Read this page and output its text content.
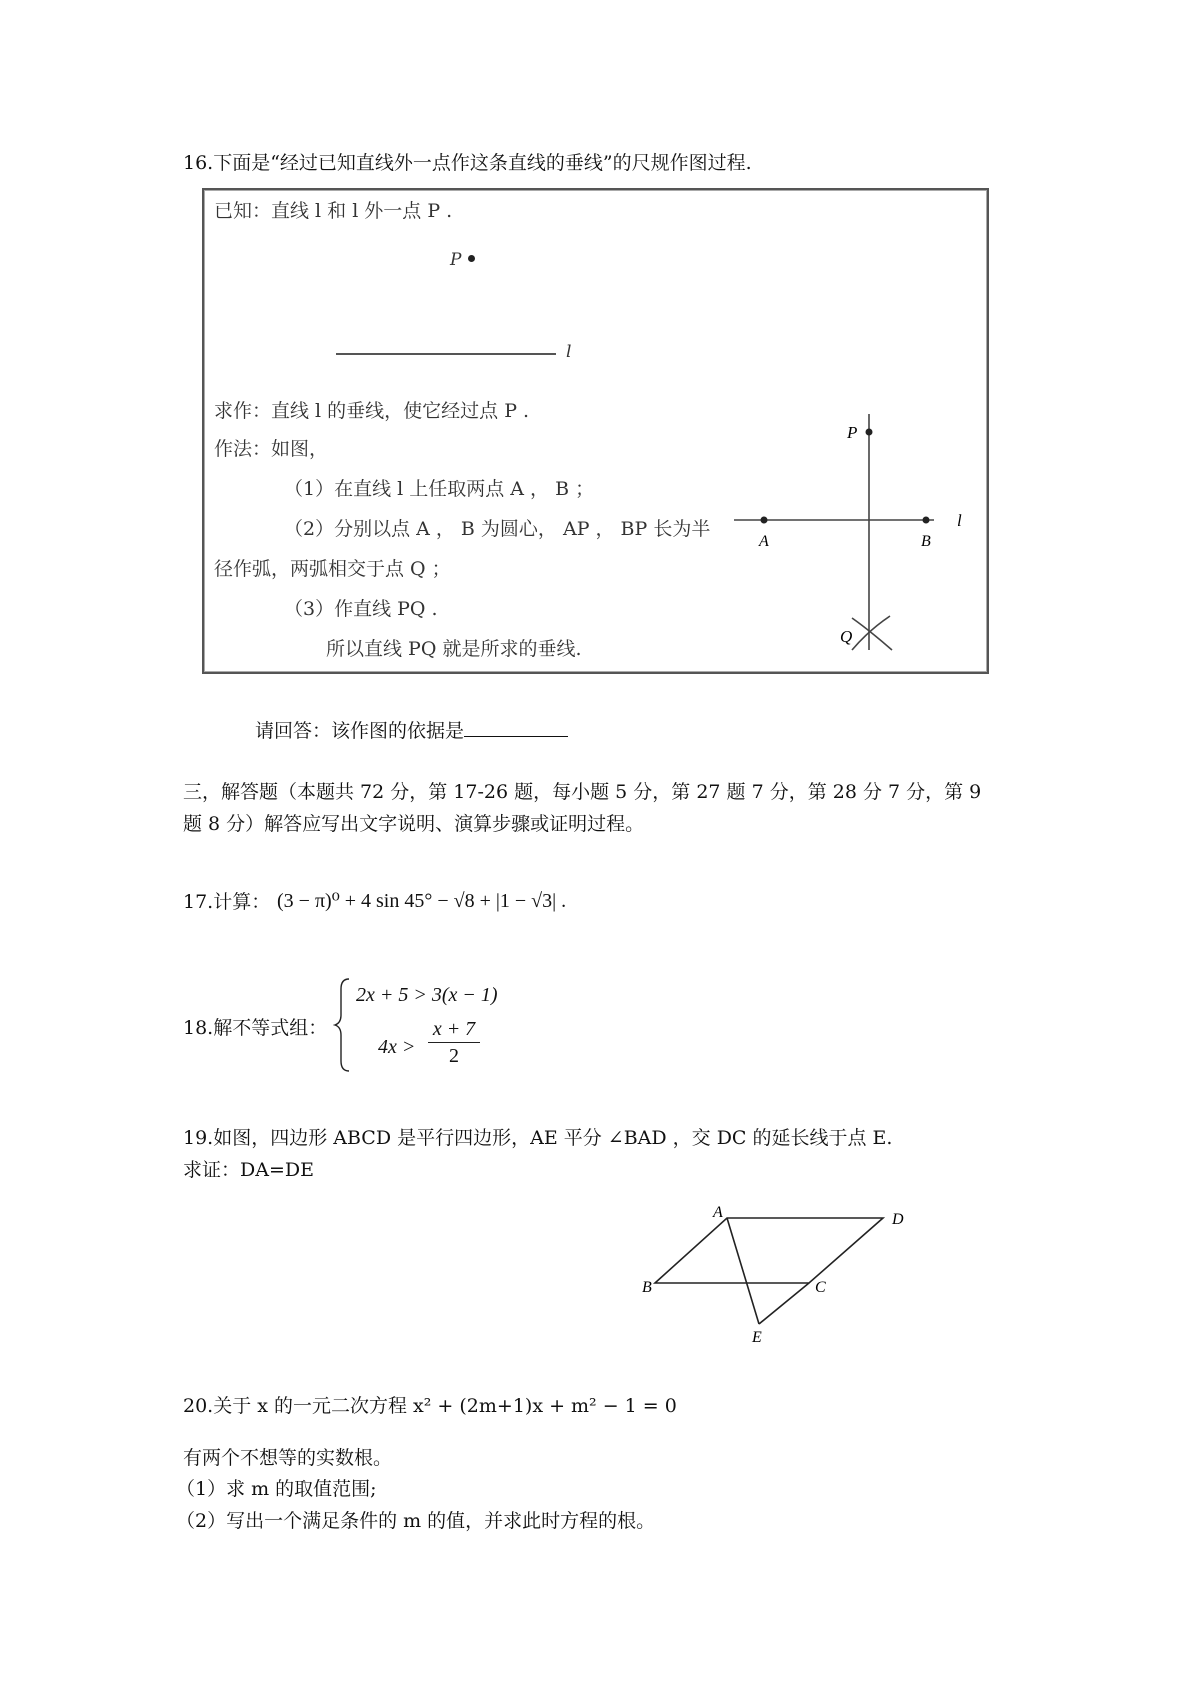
16.下面是“经过已知直线外一点作这条直线的垂线”的尺规作图过程.
已知：直线 l 和 l 外一点 P .
P
l
求作：直线 l 的垂线，使它经过点 P .
作法：如图，
（1）在直线 l 上任取两点 A ， B ；
（2）分别以点 A ， B 为圆心， AP ， BP 长为半
径作弧，两弧相交于点 Q ；
（3）作直线 PQ .
所以直线 PQ 就是所求的垂线.
P
A	B
l
Q
请回答：该作图的依据是
三，解答题（本题共 72 分，第 17-26 题，每小题 5 分，第 27 题 7 分，第 28 分 7 分，第 9
题 8 分）解答应写出文字说明、演算步骤或证明过程。
17.计算： (3 − π)⁰ + 4 sin 45° − √8 + |1 − √3| .
18.解不等式组：
2x + 5 > 3(x − 1)
4x >
x + 7
2
19.如图，四边形 ABCD 是平行四边形，AE 平分 ∠BAD ，交 DC 的延长线于点 E.
求证：DA=DE
A	D
B	C
E
20.关于 x 的一元二次方程 x² + (2m+1)x + m² − 1 = 0
有两个不想等的实数根。
（1）求 m 的取值范围;
（2）写出一个满足条件的 m 的值，并求此时方程的根。
